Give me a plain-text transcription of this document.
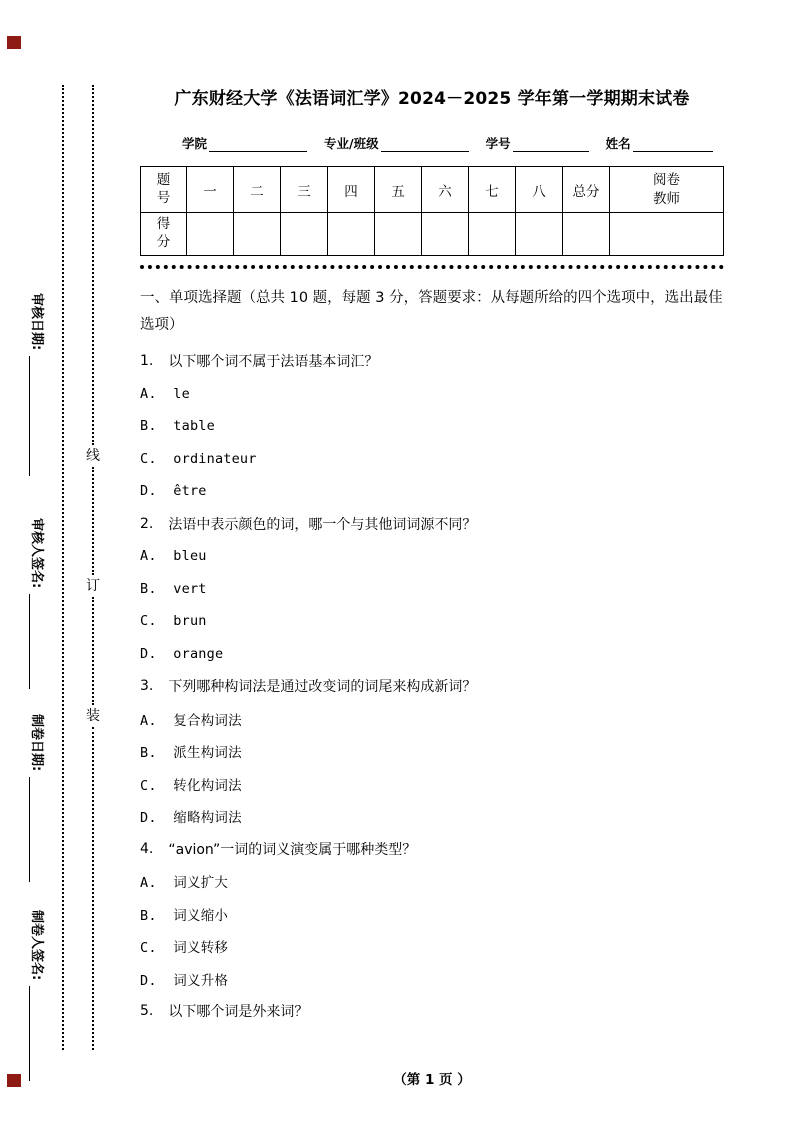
审核日期:
审核人签名:
制卷日期:
制卷人签名:
线
订
装
广东财经大学《法语词汇学》2024－2025 学年第一学期期末试卷
学院	专业/班级	学号	姓名
题号	一	二	三	四	五	六	七	八	总分	阅卷教师
得分										

一、单项选择题（总共 10 题，每题 3 分，答题要求：从每题所给的四个选项中，选出最佳选项）

1. 以下哪个词不属于法语基本词汇？
A.  le
B.  table
C.  ordinateur
D.  être
2. 法语中表示颜色的词，哪一个与其他词词源不同？
A.  bleu
B.  vert
C.  brun
D.  orange
3. 下列哪种构词法是通过改变词的词尾来构成新词？
A.  复合构词法
B.  派生构词法
C.  转化构词法
D.  缩略构词法
4. “avion”一词的词义演变属于哪种类型？
A.  词义扩大
B.  词义缩小
C.  词义转移
D.  词义升格
5. 以下哪个词是外来词？
（第 1 页 ）
